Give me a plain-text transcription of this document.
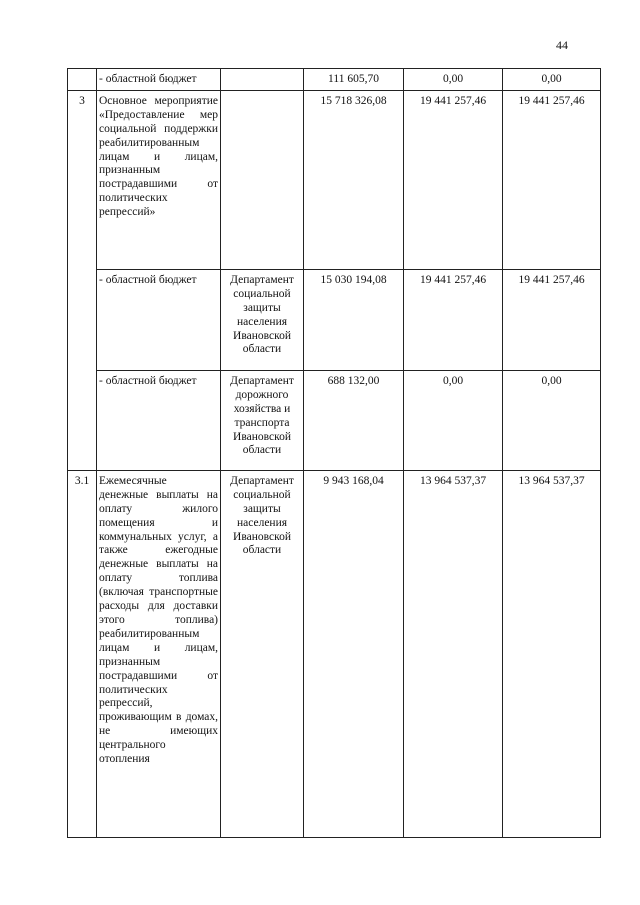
44
	- областной бюджет		111 605,70	0,00	0,00
3	Основное мероприятие «Предоставление мер социальной поддержки реабилитированным лицам и лицам, признанным пострадавшими от политических репрессий»		15 718 326,08	19 441 257,46	19 441 257,46
	- областной бюджет	Департамент социальной защиты населения Ивановской области	15 030 194,08	19 441 257,46	19 441 257,46
	- областной бюджет	Департамент дорожного хозяйства и транспорта Ивановской области	688 132,00	0,00	0,00
3.1	Ежемесячные денежные выплаты на оплату жилого помещения и коммунальных услуг, а также ежегодные денежные выплаты на оплату топлива (включая транспортные расходы для доставки этого топлива) реабилитированным лицам и лицам, признанным пострадавшими от политических репрессий, проживающим в домах, не имеющих центрального отопления	Департамент социальной защиты населения Ивановской области	9 943 168,04	13 964 537,37	13 964 537,37
